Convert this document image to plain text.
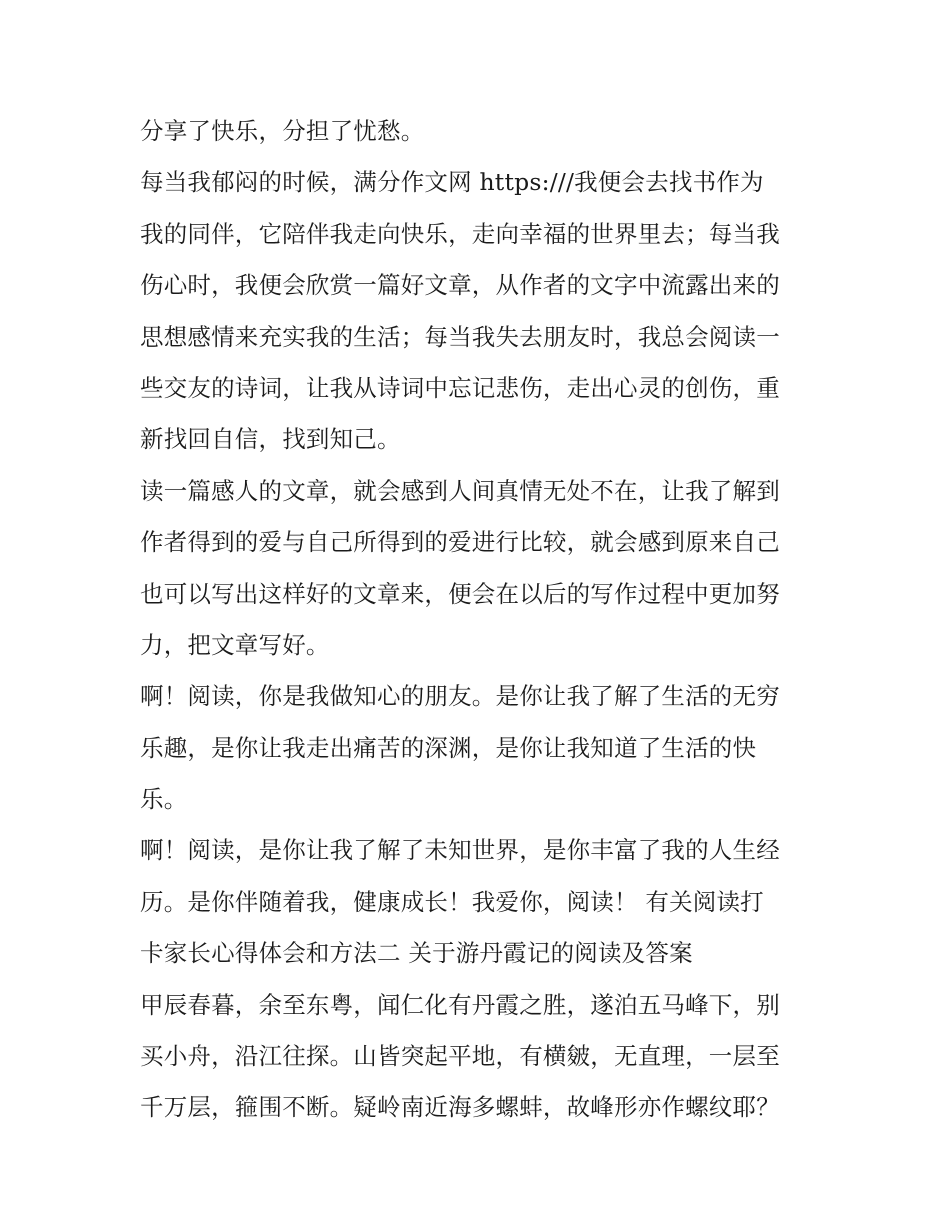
分享了快乐，分担了忧愁。
每当我郁闷的时候，满分作文网 https:///我便会去找书作为
我的同伴，它陪伴我走向快乐，走向幸福的世界里去；每当我
伤心时，我便会欣赏一篇好文章，从作者的文字中流露出来的
思想感情来充实我的生活；每当我失去朋友时，我总会阅读一
些交友的诗词，让我从诗词中忘记悲伤，走出心灵的创伤，重
新找回自信，找到知己。
读一篇感人的文章，就会感到人间真情无处不在，让我了解到
作者得到的爱与自己所得到的爱进行比较，就会感到原来自己
也可以写出这样好的文章来，便会在以后的写作过程中更加努
力，把文章写好。
啊！阅读，你是我做知心的朋友。是你让我了解了生活的无穷
乐趣，是你让我走出痛苦的深渊，是你让我知道了生活的快
乐。
啊！阅读，是你让我了解了未知世界，是你丰富了我的人生经
历。是你伴随着我，健康成长！我爱你，阅读！ 有关阅读打
卡家长心得体会和方法二 关于游丹霞记的阅读及答案
甲辰春暮，余至东粤，闻仁化有丹霞之胜，遂泊五马峰下，别
买小舟，沿江往探。山皆突起平地，有横皴，无直理，一层至
千万层，箍围不断。疑岭南近海多螺蚌，故峰形亦作螺纹耶？
